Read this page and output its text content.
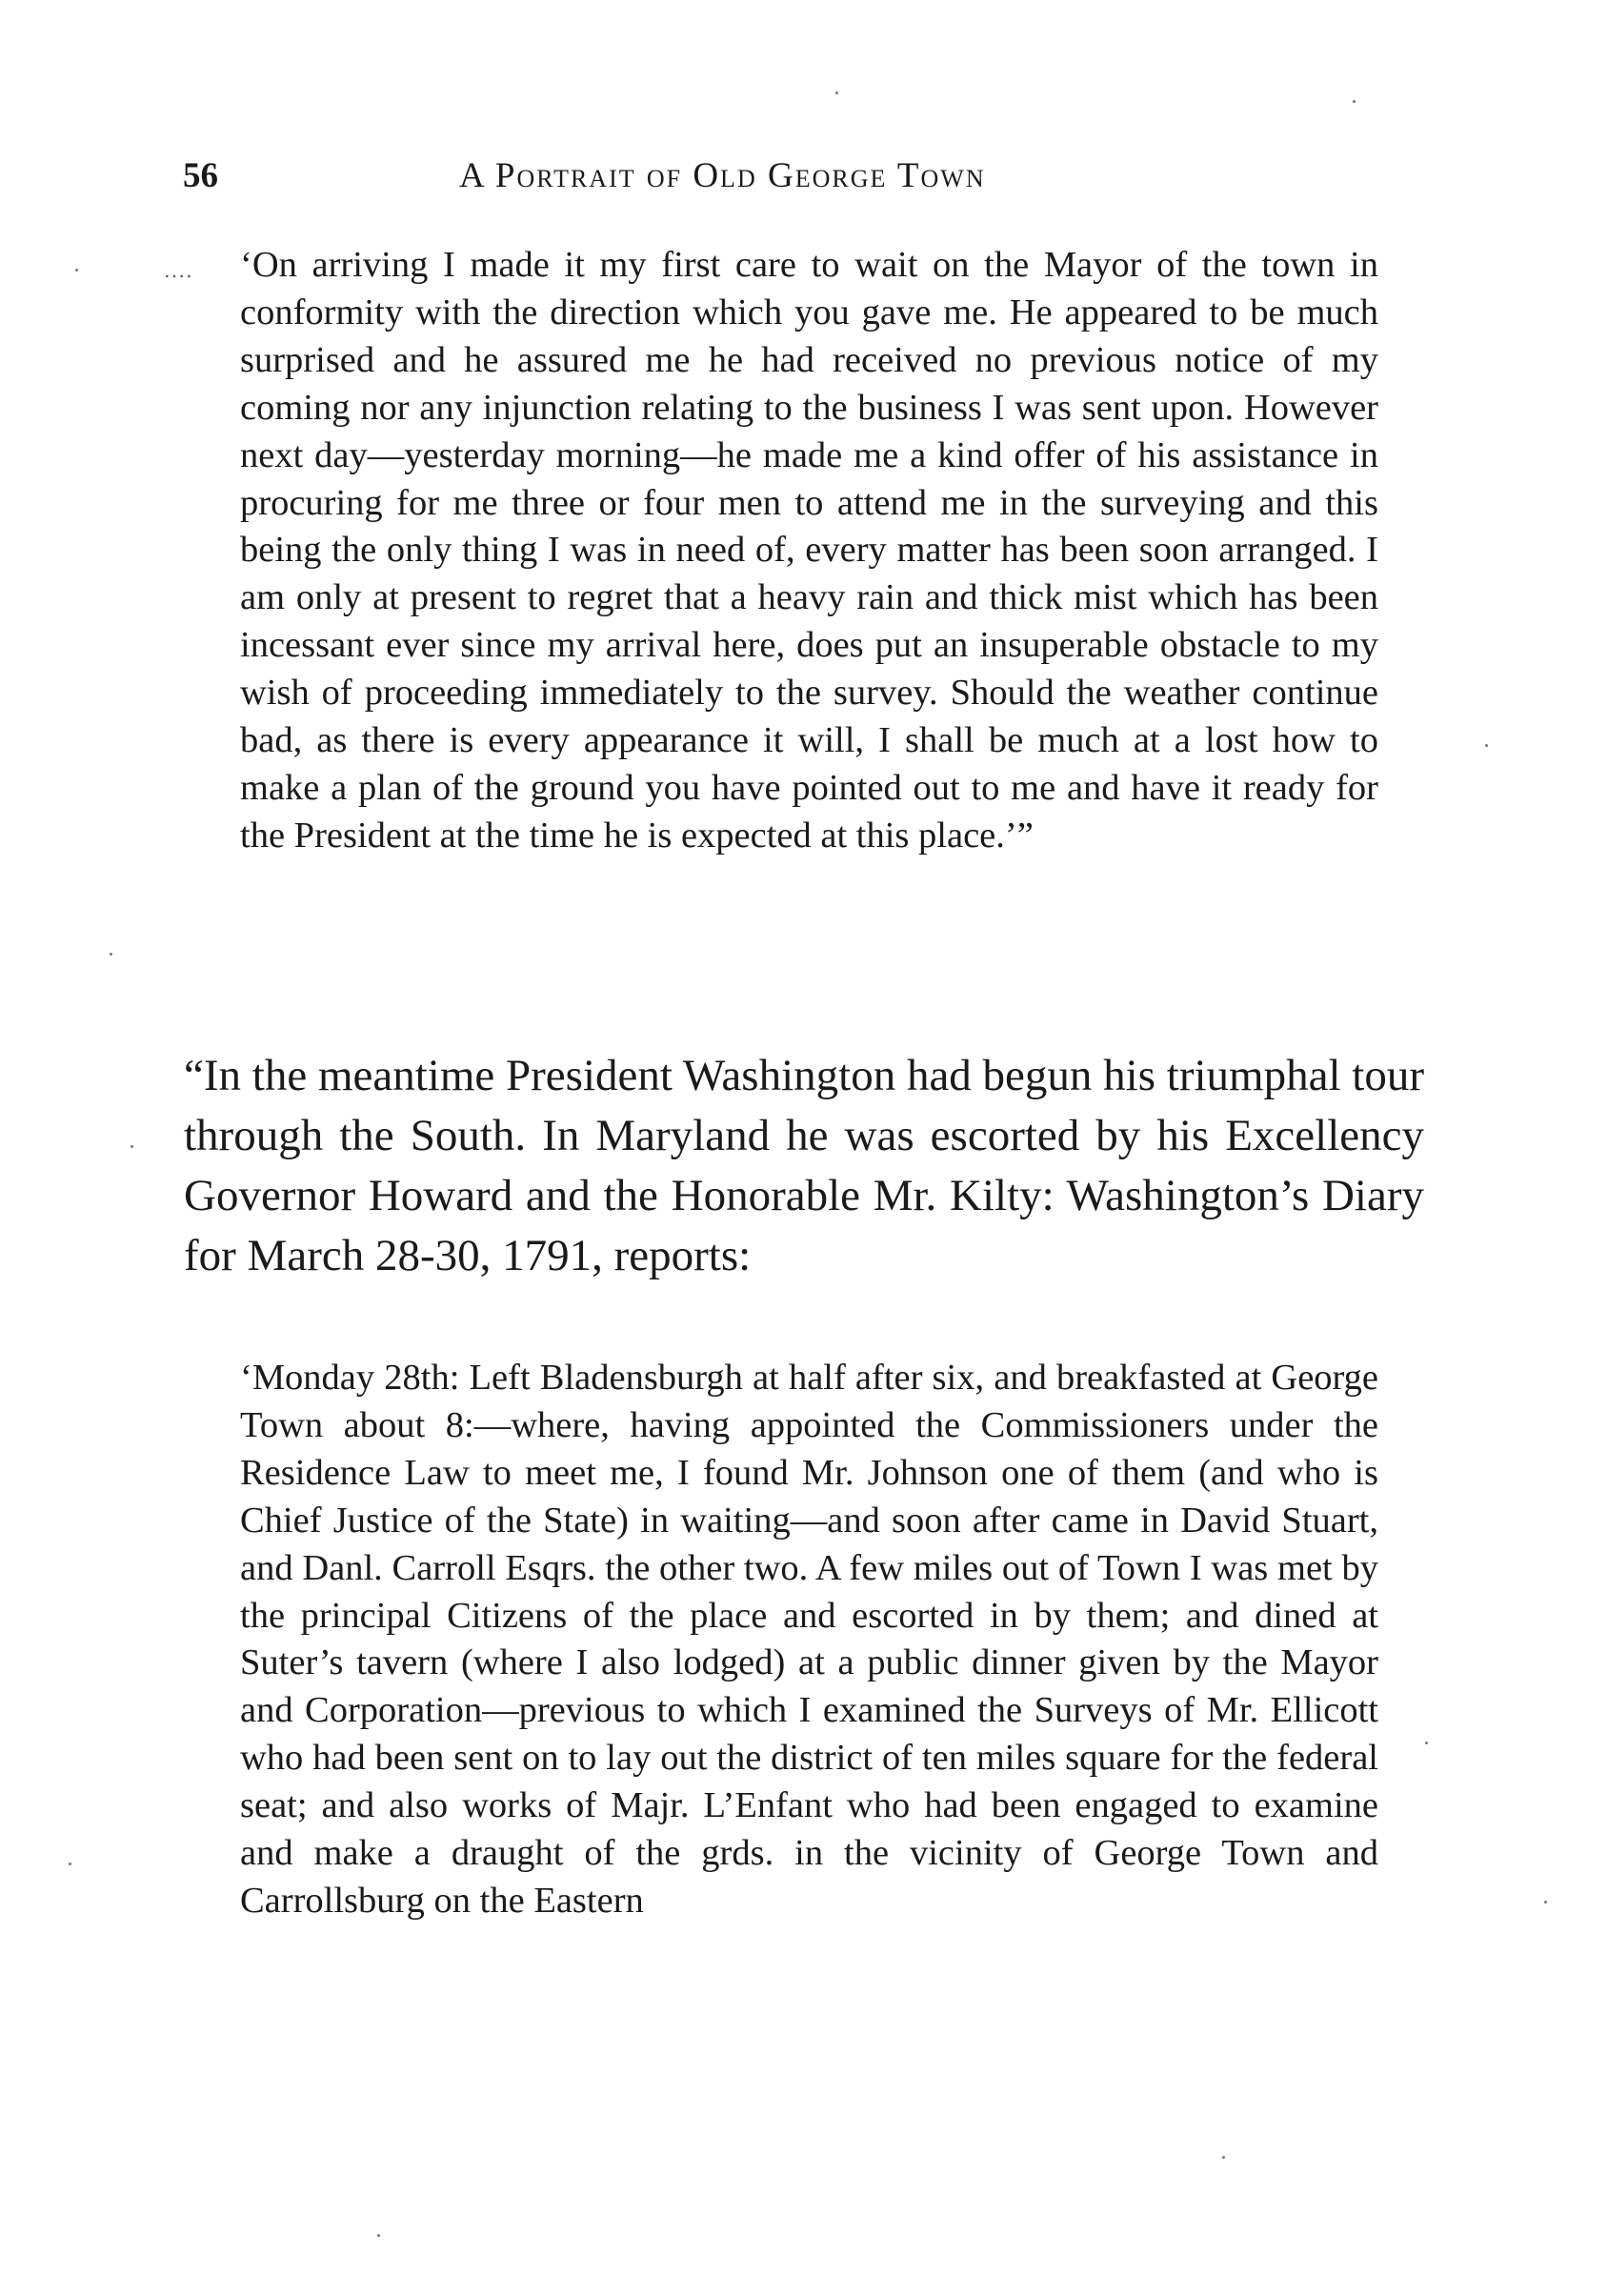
56	A Portrait of Old George Town
․․․․ ‘On arriving I made it my first care to wait on the Mayor of the town in conformity with the direction which you gave me. He appeared to be much surprised and he assured me he had received no previous notice of my coming nor any injunction relating to the business I was sent upon. However next day—yesterday morning—he made me a kind offer of his assistance in procuring for me three or four men to attend me in the surveying and this being the only thing I was in need of, every matter has been soon arranged. I am only at present to regret that a heavy rain and thick mist which has been incessant ever since my arrival here, does put an insuperable obstacle to my wish of proceeding immediately to the survey. Should the weather continue bad, as there is every appearance it will, I shall be much at a lost how to make a plan of the ground you have pointed out to me and have it ready for the President at the time he is expected at this place.’”

“In the meantime President Washington had begun his triumphal tour through the South. In Maryland he was escorted by his Excellency Governor Howard and the Honorable Mr. Kilty: Washington’s Diary for March 28-30, 1791, reports:

‘Monday 28th: Left Bladensburgh at half after six, and breakfasted at George Town about 8:—where, having appointed the Commissioners under the Residence Law to meet me, I found Mr. Johnson one of them (and who is Chief Justice of the State) in waiting—and soon after came in David Stuart, and Danl. Carroll Esqrs. the other two. A few miles out of Town I was met by the principal Citizens of the place and escorted in by them; and dined at Suter’s tavern (where I also lodged) at a public dinner given by the Mayor and Corporation—previous to which I examined the Surveys of Mr. Ellicott who had been sent on to lay out the district of ten miles square for the federal seat; and also works of Majr. L’Enfant who had been engaged to examine and make a draught of the grds. in the vicinity of George Town and Carrollsburg on the Eastern
